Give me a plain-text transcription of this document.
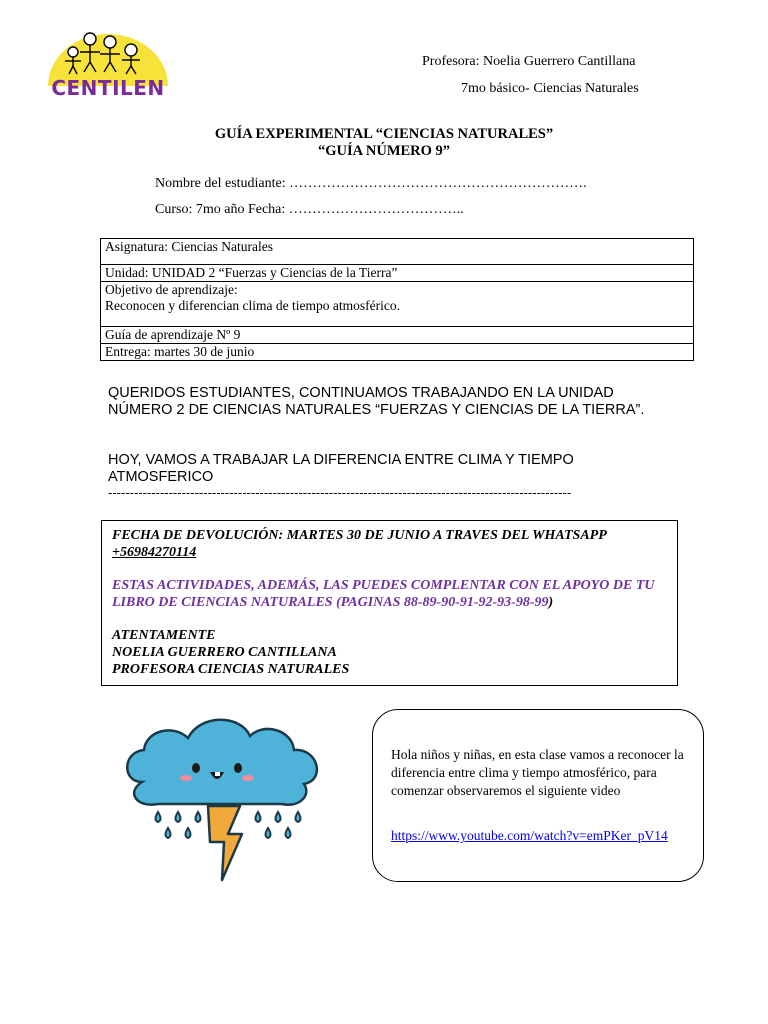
CENTILEN
Profesora: Noelia Guerrero Cantillana
7mo básico- Ciencias Naturales
GUÍA EXPERIMENTAL “CIENCIAS NATURALES”
“GUÍA NÚMERO 9”
Nombre del estudiante: ……………………………………………………….
Curso: 7mo año Fecha: ………………………………..
Asignatura: Ciencias Naturales
Unidad: UNIDAD 2 “Fuerzas y Ciencias de la Tierra”
Objetivo de aprendizaje:
Reconocen y diferencian clima de tiempo atmosférico.
Guía de aprendizaje Nº 9
Entrega: martes 30 de junio
QUERIDOS ESTUDIANTES, CONTINUAMOS TRABAJANDO EN LA UNIDAD NÚMERO 2 DE CIENCIAS NATURALES “FUERZAS Y CIENCIAS DE LA TIERRA”.
HOY, VAMOS A TRABAJAR LA DIFERENCIA ENTRE CLIMA Y TIEMPO ATMOSFERICO
-----------------------------------------------------------------------------------------------------------

FECHA DE DEVOLUCIÓN: MARTES 30 DE JUNIO A TRAVES DEL WHATSAPP

+56984270114

ESTAS ACTIVIDADES, ADEMÁS, LAS PUEDES COMPLENTAR CON EL APOYO DE TU LIBRO DE CIENCIAS NATURALES (PAGINAS 88-89-90-91-92-93-98-99)

ATENTAMENTE

NOELIA GUERRERO CANTILLANA

PROFESORA CIENCIAS NATURALES

Hola niños y niñas, en esta clase vamos a reconocer la diferencia entre clima y tiempo atmosférico, para comenzar observaremos el siguiente video
https://www.youtube.com/watch?v=emPKer_pV14
